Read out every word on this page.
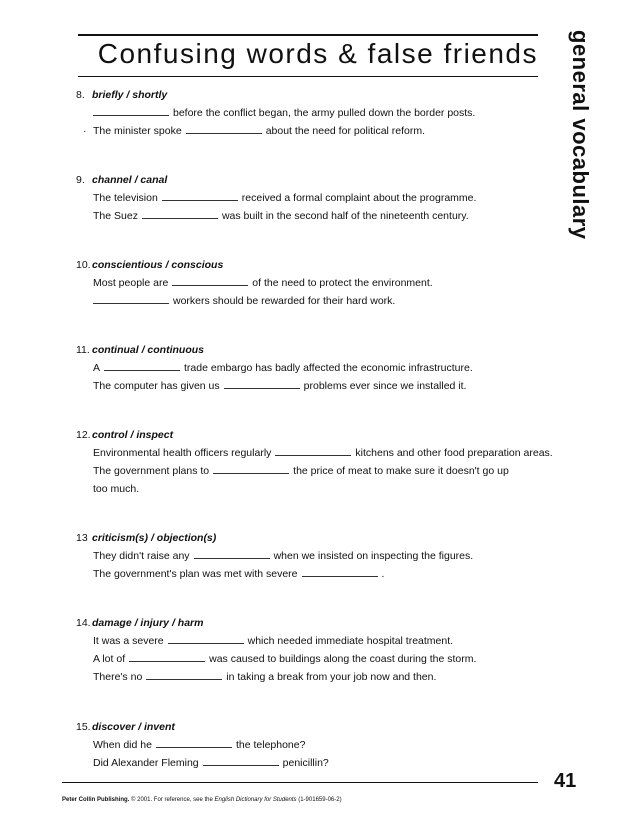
Confusing words & false friends general vocabulary
8. briefly / shortly
before the conflict began, the army pulled down the border posts.
· The minister spoke	about the need for political reform.
9. channel / canal
The television	received a formal complaint about the programme.
The Suez	was built in the second half of the nineteenth century.
10.conscientious / conscious
Most people are	of the need to protect the environment.
workers should be rewarded for their hard work.
11. continual / continuous
A	trade embargo has badly affected the economic infrastructure.
The computer has given us	problems ever since we installed it.
12.control / inspect
Environmental health officers regularly	kitchens and other food preparation areas.
The government plans to	the price of meat to make sure it doesn't go up
too much.
13 criticism(s) / objection(s)
They didn't raise any	when we insisted on inspecting the figures.
The government's plan was met with severe	.
14.damage / injury / harm
It was a severe	which needed immediate hospital treatment.
A lot of	was caused to buildings along the coast during the storm.
There's no	in taking a break from your job now and then.
15.discover / invent
When did he	the telephone?
Did Alexander Fleming	penicillin?
41
Peter Collin Publishing. © 2001. For reference, see the English Dictionary for Students (1-901659-06-2)
